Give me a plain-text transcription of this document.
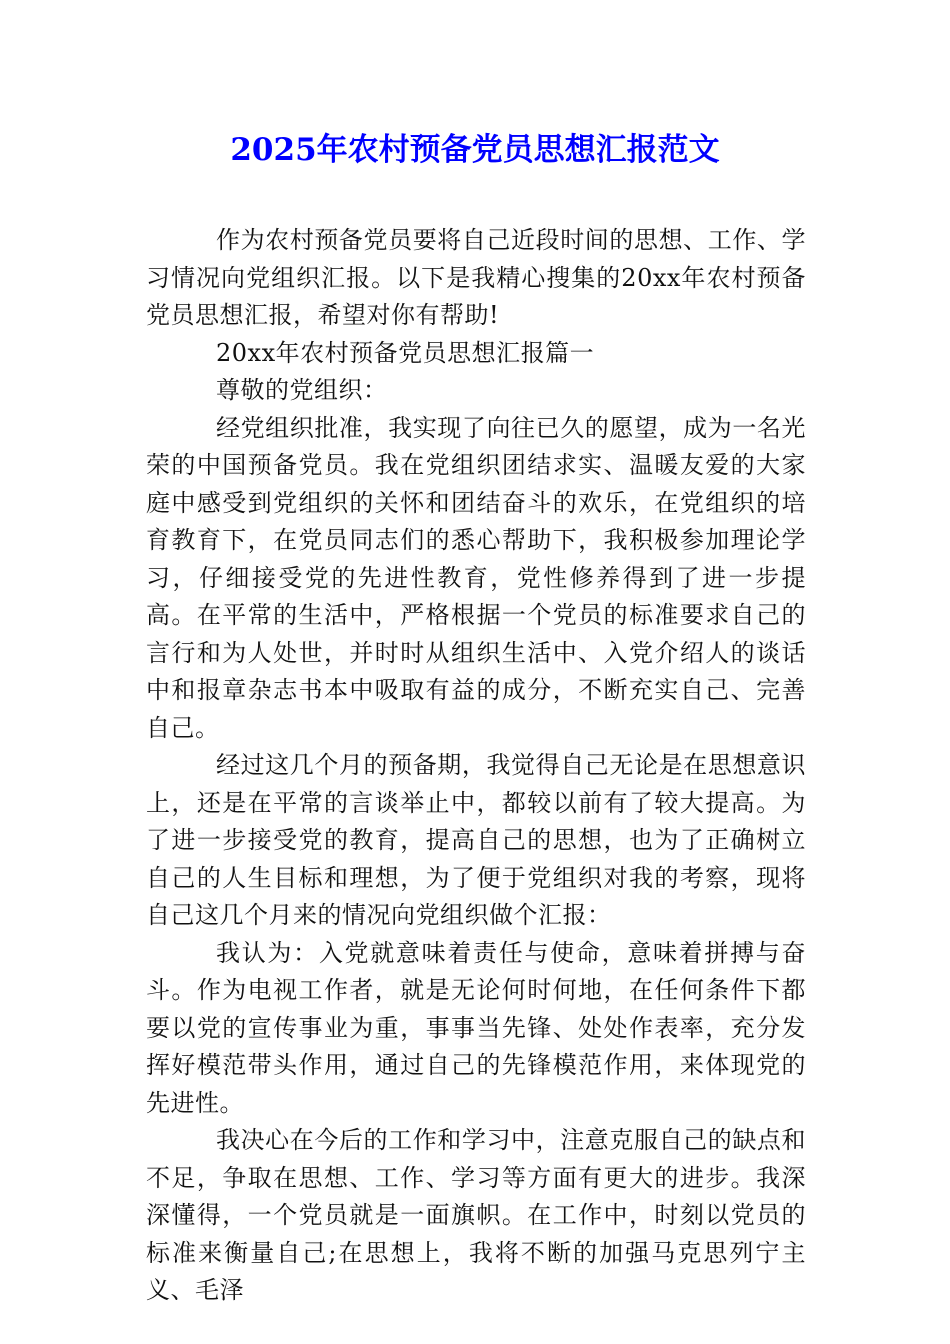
2025年农村预备党员思想汇报范文

作为农村预备党员要将自己近段时间的思想、工作、学习情况向党组织汇报。以下是我精心搜集的20xx年农村预备党员思想汇报，希望对你有帮助!

20xx年农村预备党员思想汇报篇一

尊敬的党组织：

经党组织批准，我实现了向往已久的愿望，成为一名光荣的中国预备党员。我在党组织团结求实、温暖友爱的大家庭中感受到党组织的关怀和团结奋斗的欢乐，在党组织的培育教育下，在党员同志们的悉心帮助下，我积极参加理论学习，仔细接受党的先进性教育，党性修养得到了进一步提高。在平常的生活中，严格根据一个党员的标准要求自己的言行和为人处世，并时时从组织生活中、入党介绍人的谈话中和报章杂志书本中吸取有益的成分，不断充实自己、完善自己。

经过这几个月的预备期，我觉得自己无论是在思想意识上，还是在平常的言谈举止中，都较以前有了较大提高。为了进一步接受党的教育，提高自己的思想，也为了正确树立自己的人生目标和理想，为了便于党组织对我的考察，现将自己这几个月来的情况向党组织做个汇报：

我认为：入党就意味着责任与使命，意味着拼搏与奋斗。作为电视工作者，就是无论何时何地，在任何条件下都要以党的宣传事业为重，事事当先锋、处处作表率，充分发挥好模范带头作用，通过自己的先锋模范作用，来体现党的先进性。

我决心在今后的工作和学习中，注意克服自己的缺点和不足，争取在思想、工作、学习等方面有更大的进步。我深深懂得，一个党员就是一面旗帜。在工作中，时刻以党员的标准来衡量自己;在思想上，我将不断的加强马克思列宁主义、毛泽
